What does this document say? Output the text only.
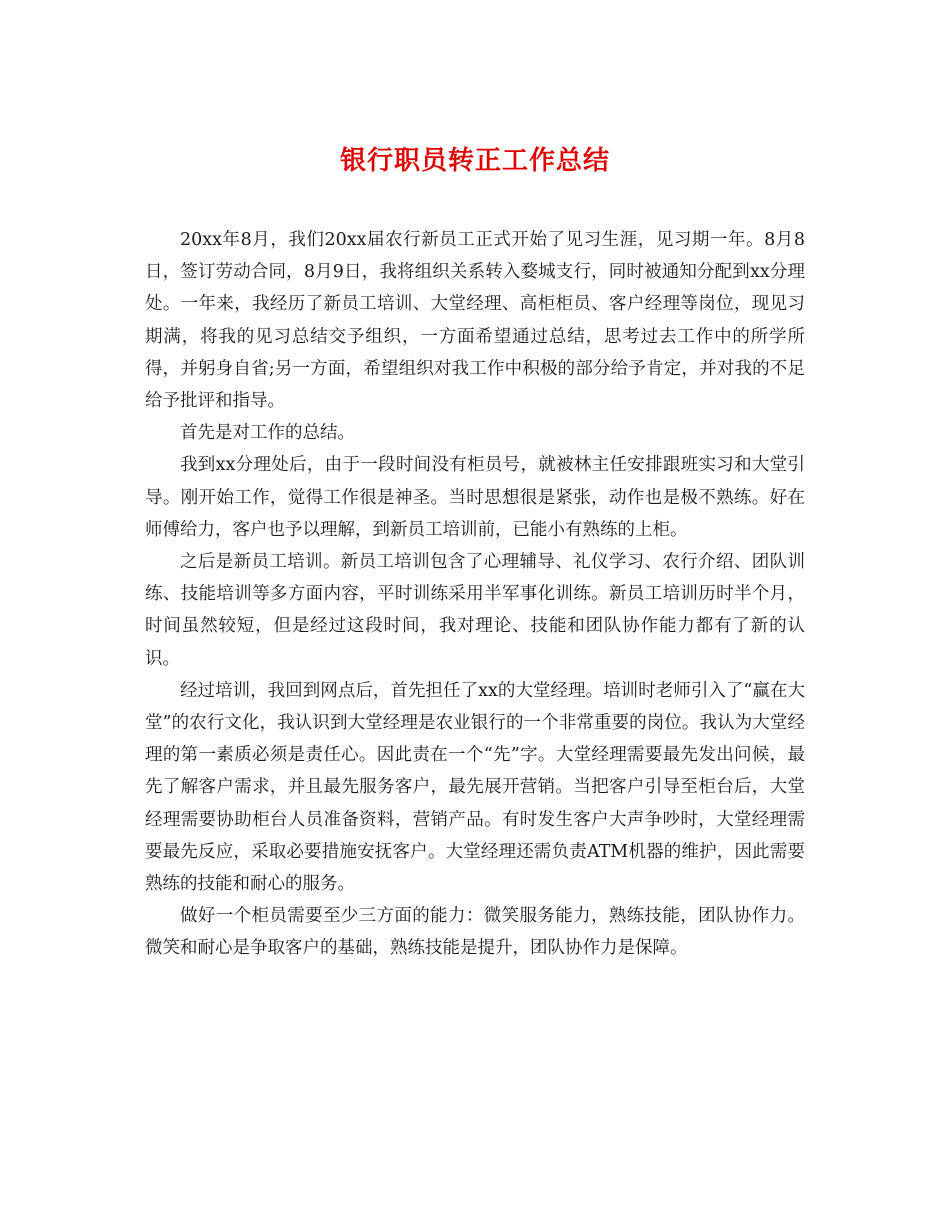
银行职员转正工作总结

20xx年8月，我们20xx届农行新员工正式开始了见习生涯，见习期一年。8月8日，签订劳动合同，8月9日，我将组织关系转入婺城支行，同时被通知分配到xx分理处。一年来，我经历了新员工培训、大堂经理、高柜柜员、客户经理等岗位，现见习期满，将我的见习总结交予组织，一方面希望通过总结，思考过去工作中的所学所得，并躬身自省;另一方面，希望组织对我工作中积极的部分给予肯定，并对我的不足给予批评和指导。

首先是对工作的总结。

我到xx分理处后，由于一段时间没有柜员号，就被林主任安排跟班实习和大堂引导。刚开始工作，觉得工作很是神圣。当时思想很是紧张，动作也是极不熟练。好在师傅给力，客户也予以理解，到新员工培训前，已能小有熟练的上柜。

之后是新员工培训。新员工培训包含了心理辅导、礼仪学习、农行介绍、团队训练、技能培训等多方面内容，平时训练采用半军事化训练。新员工培训历时半个月，时间虽然较短，但是经过这段时间，我对理论、技能和团队协作能力都有了新的认识。

经过培训，我回到网点后，首先担任了xx的大堂经理。培训时老师引入了“赢在大堂”的农行文化，我认识到大堂经理是农业银行的一个非常重要的岗位。我认为大堂经理的第一素质必须是责任心。因此责在一个“先”字。大堂经理需要最先发出问候，最先了解客户需求，并且最先服务客户，最先展开营销。当把客户引导至柜台后，大堂经理需要协助柜台人员准备资料，营销产品。有时发生客户大声争吵时，大堂经理需要最先反应，采取必要措施安抚客户。大堂经理还需负责ATM机器的维护，因此需要熟练的技能和耐心的服务。

做好一个柜员需要至少三方面的能力：微笑服务能力，熟练技能，团队协作力。微笑和耐心是争取客户的基础，熟练技能是提升，团队协作力是保障。
